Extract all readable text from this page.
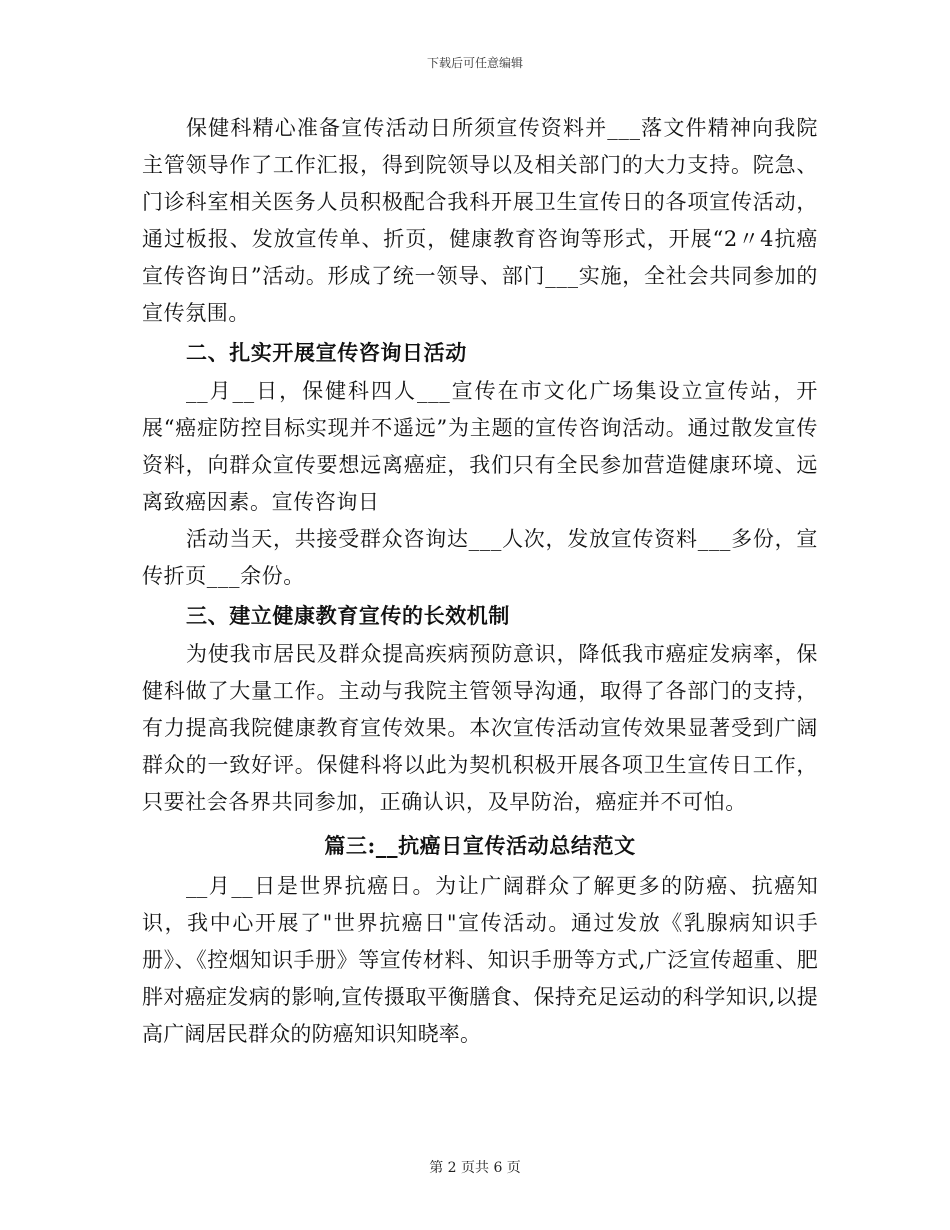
下载后可任意编辑

保健科精心准备宣传活动日所须宣传资料并___落文件精神向我院主管领导作了工作汇报，得到院领导以及相关部门的大力支持。院急、门诊科室相关医务人员积极配合我科开展卫生宣传日的各项宣传活动，通过板报、发放宣传单、折页，健康教育咨询等形式，开展“2〃4抗癌宣传咨询日”活动。形成了统一领导、部门___实施，全社会共同参加的宣传氛围。

二、扎实开展宣传咨询日活动

__月__日，保健科四人___宣传在市文化广场集设立宣传站，开展“癌症防控目标实现并不遥远”为主题的宣传咨询活动。通过散发宣传资料，向群众宣传要想远离癌症，我们只有全民参加营造健康环境、远离致癌因素。宣传咨询日

活动当天，共接受群众咨询达___人次，发放宣传资料___多份，宣传折页___余份。

三、建立健康教育宣传的长效机制

为使我市居民及群众提高疾病预防意识，降低我市癌症发病率，保健科做了大量工作。主动与我院主管领导沟通，取得了各部门的支持，有力提高我院健康教育宣传效果。本次宣传活动宣传效果显著受到广阔群众的一致好评。保健科将以此为契机积极开展各项卫生宣传日工作，只要社会各界共同参加，正确认识，及早防治，癌症并不可怕。

篇三:__抗癌日宣传活动总结范文

__月__日是世界抗癌日。为让广阔群众了解更多的防癌、抗癌知识，我中心开展了"世界抗癌日"宣传活动。通过发放《乳腺病知识手册》、《控烟知识手册》等宣传材料、知识手册等方式,广泛宣传超重、肥胖对癌症发病的影响,宣传摄取平衡膳食、保持充足运动的科学知识,以提高广阔居民群众的防癌知识知晓率。

第 2 页共 6 页
